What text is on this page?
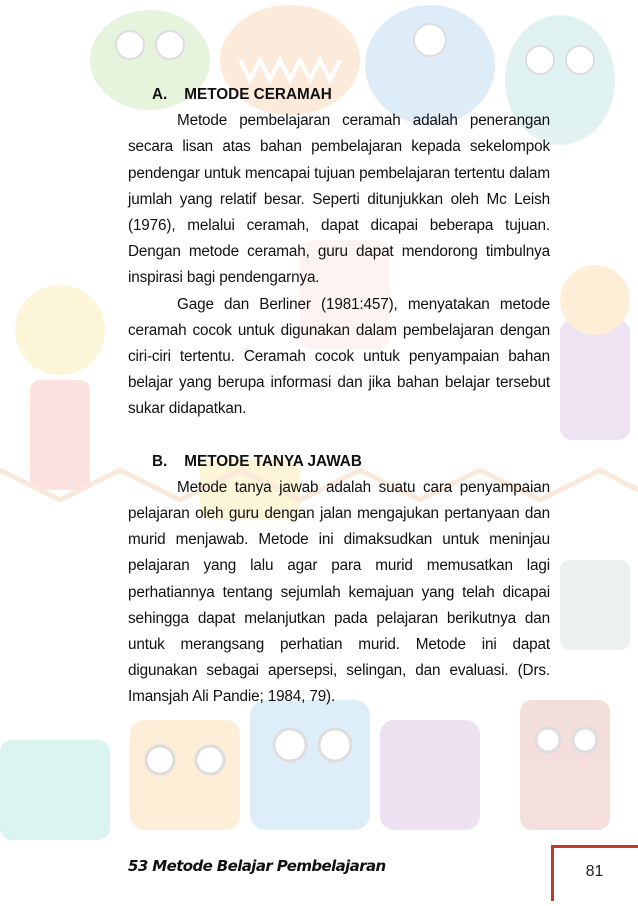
A. METODE CERAMAH

Metode pembelajaran ceramah adalah penerangan secara lisan atas bahan pembelajaran kepada sekelompok pendengar untuk mencapai tujuan pembelajaran tertentu dalam jumlah yang relatif besar. Seperti ditunjukkan oleh Mc Leish (1976), melalui ceramah, dapat dicapai beberapa tujuan. Dengan metode ceramah, guru dapat mendorong timbulnya inspirasi bagi pendengarnya.

Gage dan Berliner (1981:457), menyatakan metode ceramah cocok untuk digunakan dalam pembelajaran dengan ciri-ciri tertentu. Ceramah cocok untuk penyampaian bahan belajar yang berupa informasi dan jika bahan belajar tersebut sukar didapatkan.

B. METODE TANYA JAWAB

Metode tanya jawab adalah suatu cara penyampaian pelajaran oleh guru dengan jalan mengajukan pertanyaan dan murid menjawab. Metode ini dimaksudkan untuk meninjau pelajaran yang lalu agar para murid memusatkan lagi perhatiannya tentang sejumlah kemajuan yang telah dicapai sehingga dapat melanjutkan pada pelajaran berikutnya dan untuk merangsang perhatian murid. Metode ini dapat digunakan sebagai apersepsi, selingan, dan evaluasi. (Drs. Imansjah Ali Pandie; 1984, 79).

53 Metode Belajar Pembelajaran	81
